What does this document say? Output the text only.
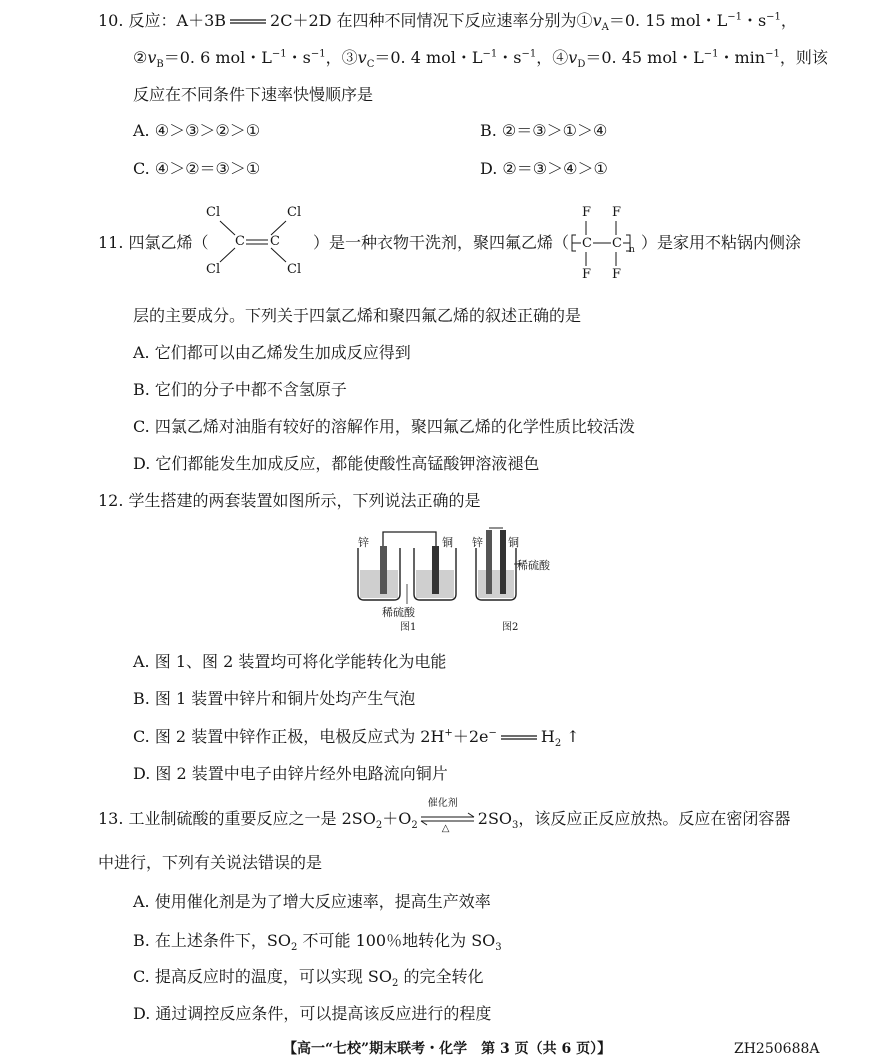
10. 反应：A＋3B	2C＋2D 在四种不同情况下反应速率分别为$①v_A=0$. 15 mol・$L^{-1}$・$s^{-1}$，
$②v_B=0$. 6 mol・$L^{-1}$・$s^{-1}$，$③v_C=0$. 4 mol・$L^{-1}$・$s^{-1}$，$④v_D=0$. 45 mol・$L^{-1}$・$\min^{-1}$，则该
反应在不同条件下速率快慢顺序是
A. ④＞③＞②＞①	B. ②＝③＞①＞④
C. ④＞②＝③＞①	D. ②＝③＞④＞①
11. 四氯乙烯（
Cl	Cl
Cl	Cl
C C ）是一种衣物干洗剂，聚四氟乙烯（
F F
F F
C C n ）是家用不粘锅内侧涂
层的主要成分。下列关于四氯乙烯和聚四氟乙烯的叙述正确的是
A. 它们都可以由乙烯发生加成反应得到
B. 它们的分子中都不含氢原子
C. 四氯乙烯对油脂有较好的溶解作用，聚四氟乙烯的化学性质比较活泼
D. 它们都能发生加成反应，都能使酸性高锰酸钾溶液褪色
12. 学生搭建的两套装置如图所示，下列说法正确的是
锌	铜
稀硫酸
图1
锌 铜
稀硫酸
图2
A. 图 1、图 2 装置均可将化学能转化为电能
B. 图 1 装置中锌片和铜片处均产生气泡
C. 图 2 装置中锌作正极，电极反应式为 2H+＋2e−	$H_2$ ↑
D. 图 2 装置中电子由锌片经外电路流向铜片
13. 工业制硫酸的重要反应之一是 $2SO_2+O_2$
催化剂
△
$2SO_3$，该反应正反应放热。反应在密闭容器
中进行，下列有关说法错误的是
A. 使用催化剂是为了增大反应速率，提高生产效率
B. 在上述条件下，$SO_2$ 不可能 100％地转化为 $SO_3$
C. 提高反应时的温度，可以实现 $SO_2$ 的完全转化
D. 通过调控反应条件，可以提高该反应进行的程度
【高一“七校”期末联考・化学　第 3 页（共 6 页）】	ZH250688A
